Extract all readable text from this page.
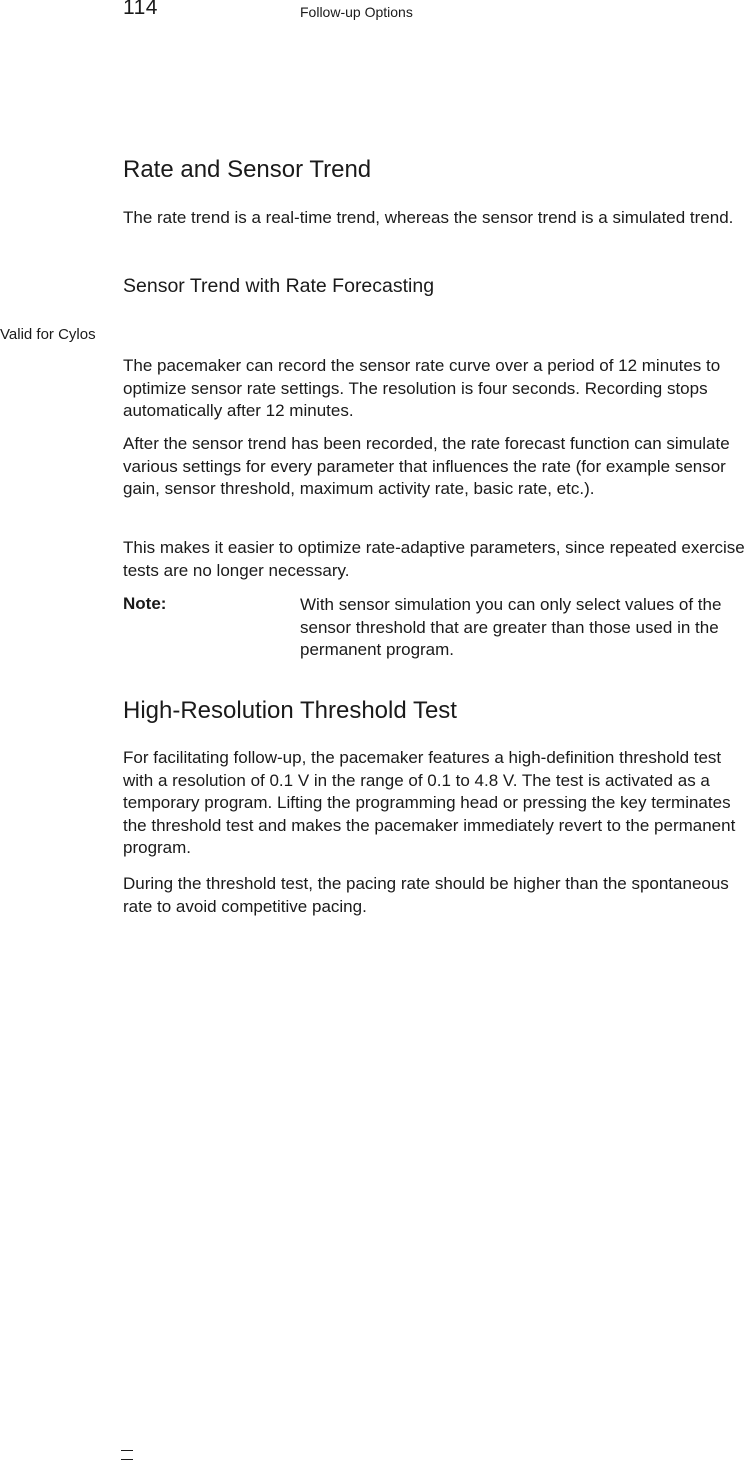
114	Follow-up Options
Rate and Sensor Trend

The rate trend is a real-time trend, whereas the sensor trend is a simulated trend.

Sensor Trend with Rate Forecasting
Valid for Cylos

The pacemaker can record the sensor rate curve over a period of 12 minutes to optimize sensor rate settings. The resolution is four seconds. Recording stops automatically after 12 minutes.

After the sensor trend has been recorded, the rate forecast function can simulate various settings for every parameter that influences the rate (for example sensor gain, sensor threshold, maximum activity rate, basic rate, etc.).

This makes it easier to optimize rate-adaptive parameters, since repeated exercise tests are no longer necessary.

Note:	With sensor simulation you can only select values of the sensor threshold that are greater than those used in the permanent program.

High-Resolution Threshold Test

For facilitating follow-up, the pacemaker features a high-definition threshold test with a resolution of 0.1 V in the range of 0.1 to 4.8 V. The test is activated as a temporary program. Lifting the programming head or pressing the key terminates the threshold test and makes the pacemaker immediately revert to the permanent program.

During the threshold test, the pacing rate should be higher than the spontaneous rate to avoid competitive pacing.
